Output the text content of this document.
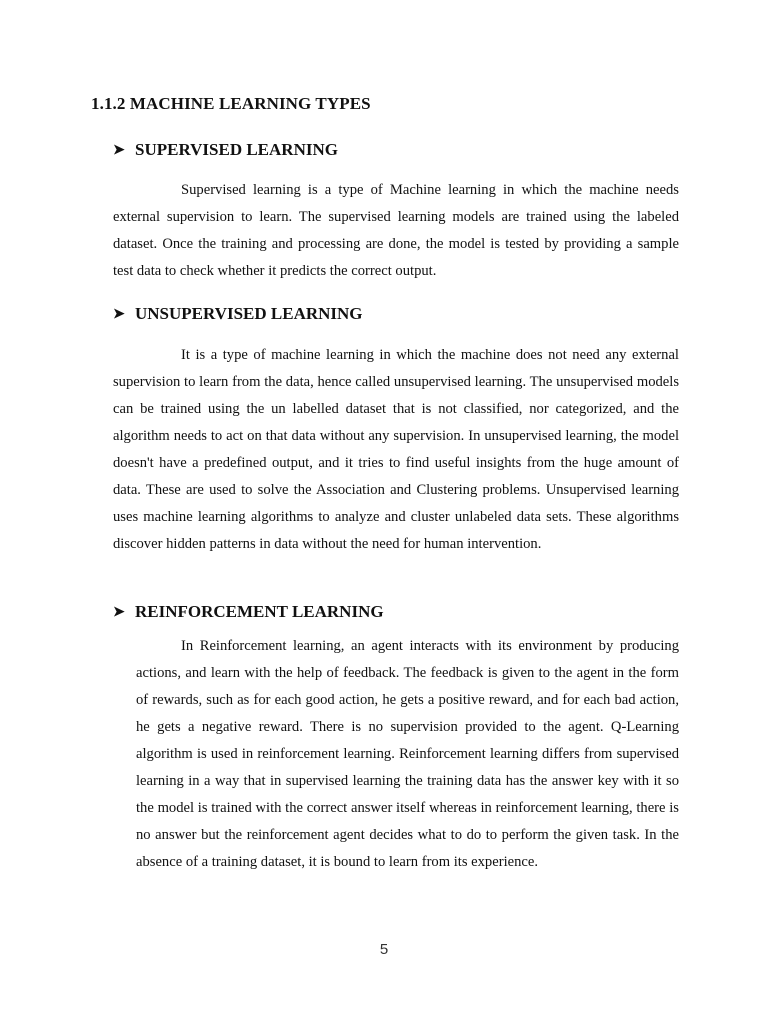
1.1.2 MACHINE LEARNING TYPES
➤ SUPERVISED LEARNING

Supervised learning is a type of Machine learning in which the machine needs external supervision to learn. The supervised learning models are trained using the labeled dataset. Once the training and processing are done, the model is tested by providing a sample test data to check whether it predicts the correct output.

➤ UNSUPERVISED LEARNING

It is a type of machine learning in which the machine does not need any external supervision to learn from the data, hence called unsupervised learning. The unsupervised models can be trained using the un labelled dataset that is not classified, nor categorized, and the algorithm needs to act on that data without any supervision. In unsupervised learning, the model doesn't have a predefined output, and it tries to find useful insights from the huge amount of data. These are used to solve the Association and Clustering problems. Unsupervised learning uses machine learning algorithms to analyze and cluster unlabeled data sets. These algorithms discover hidden patterns in data without the need for human intervention.

➤ REINFORCEMENT LEARNING

In Reinforcement learning, an agent interacts with its environment by producing actions, and learn with the help of feedback. The feedback is given to the agent in the form of rewards, such as for each good action, he gets a positive reward, and for each bad action, he gets a negative reward. There is no supervision provided to the agent. Q-Learning algorithm is used in reinforcement learning. Reinforcement learning differs from supervised learning in a way that in supervised learning the training data has the answer key with it so the model is trained with the correct answer itself whereas in reinforcement learning, there is no answer but the reinforcement agent decides what to do to perform the given task. In the absence of a training dataset, it is bound to learn from its experience.

5
